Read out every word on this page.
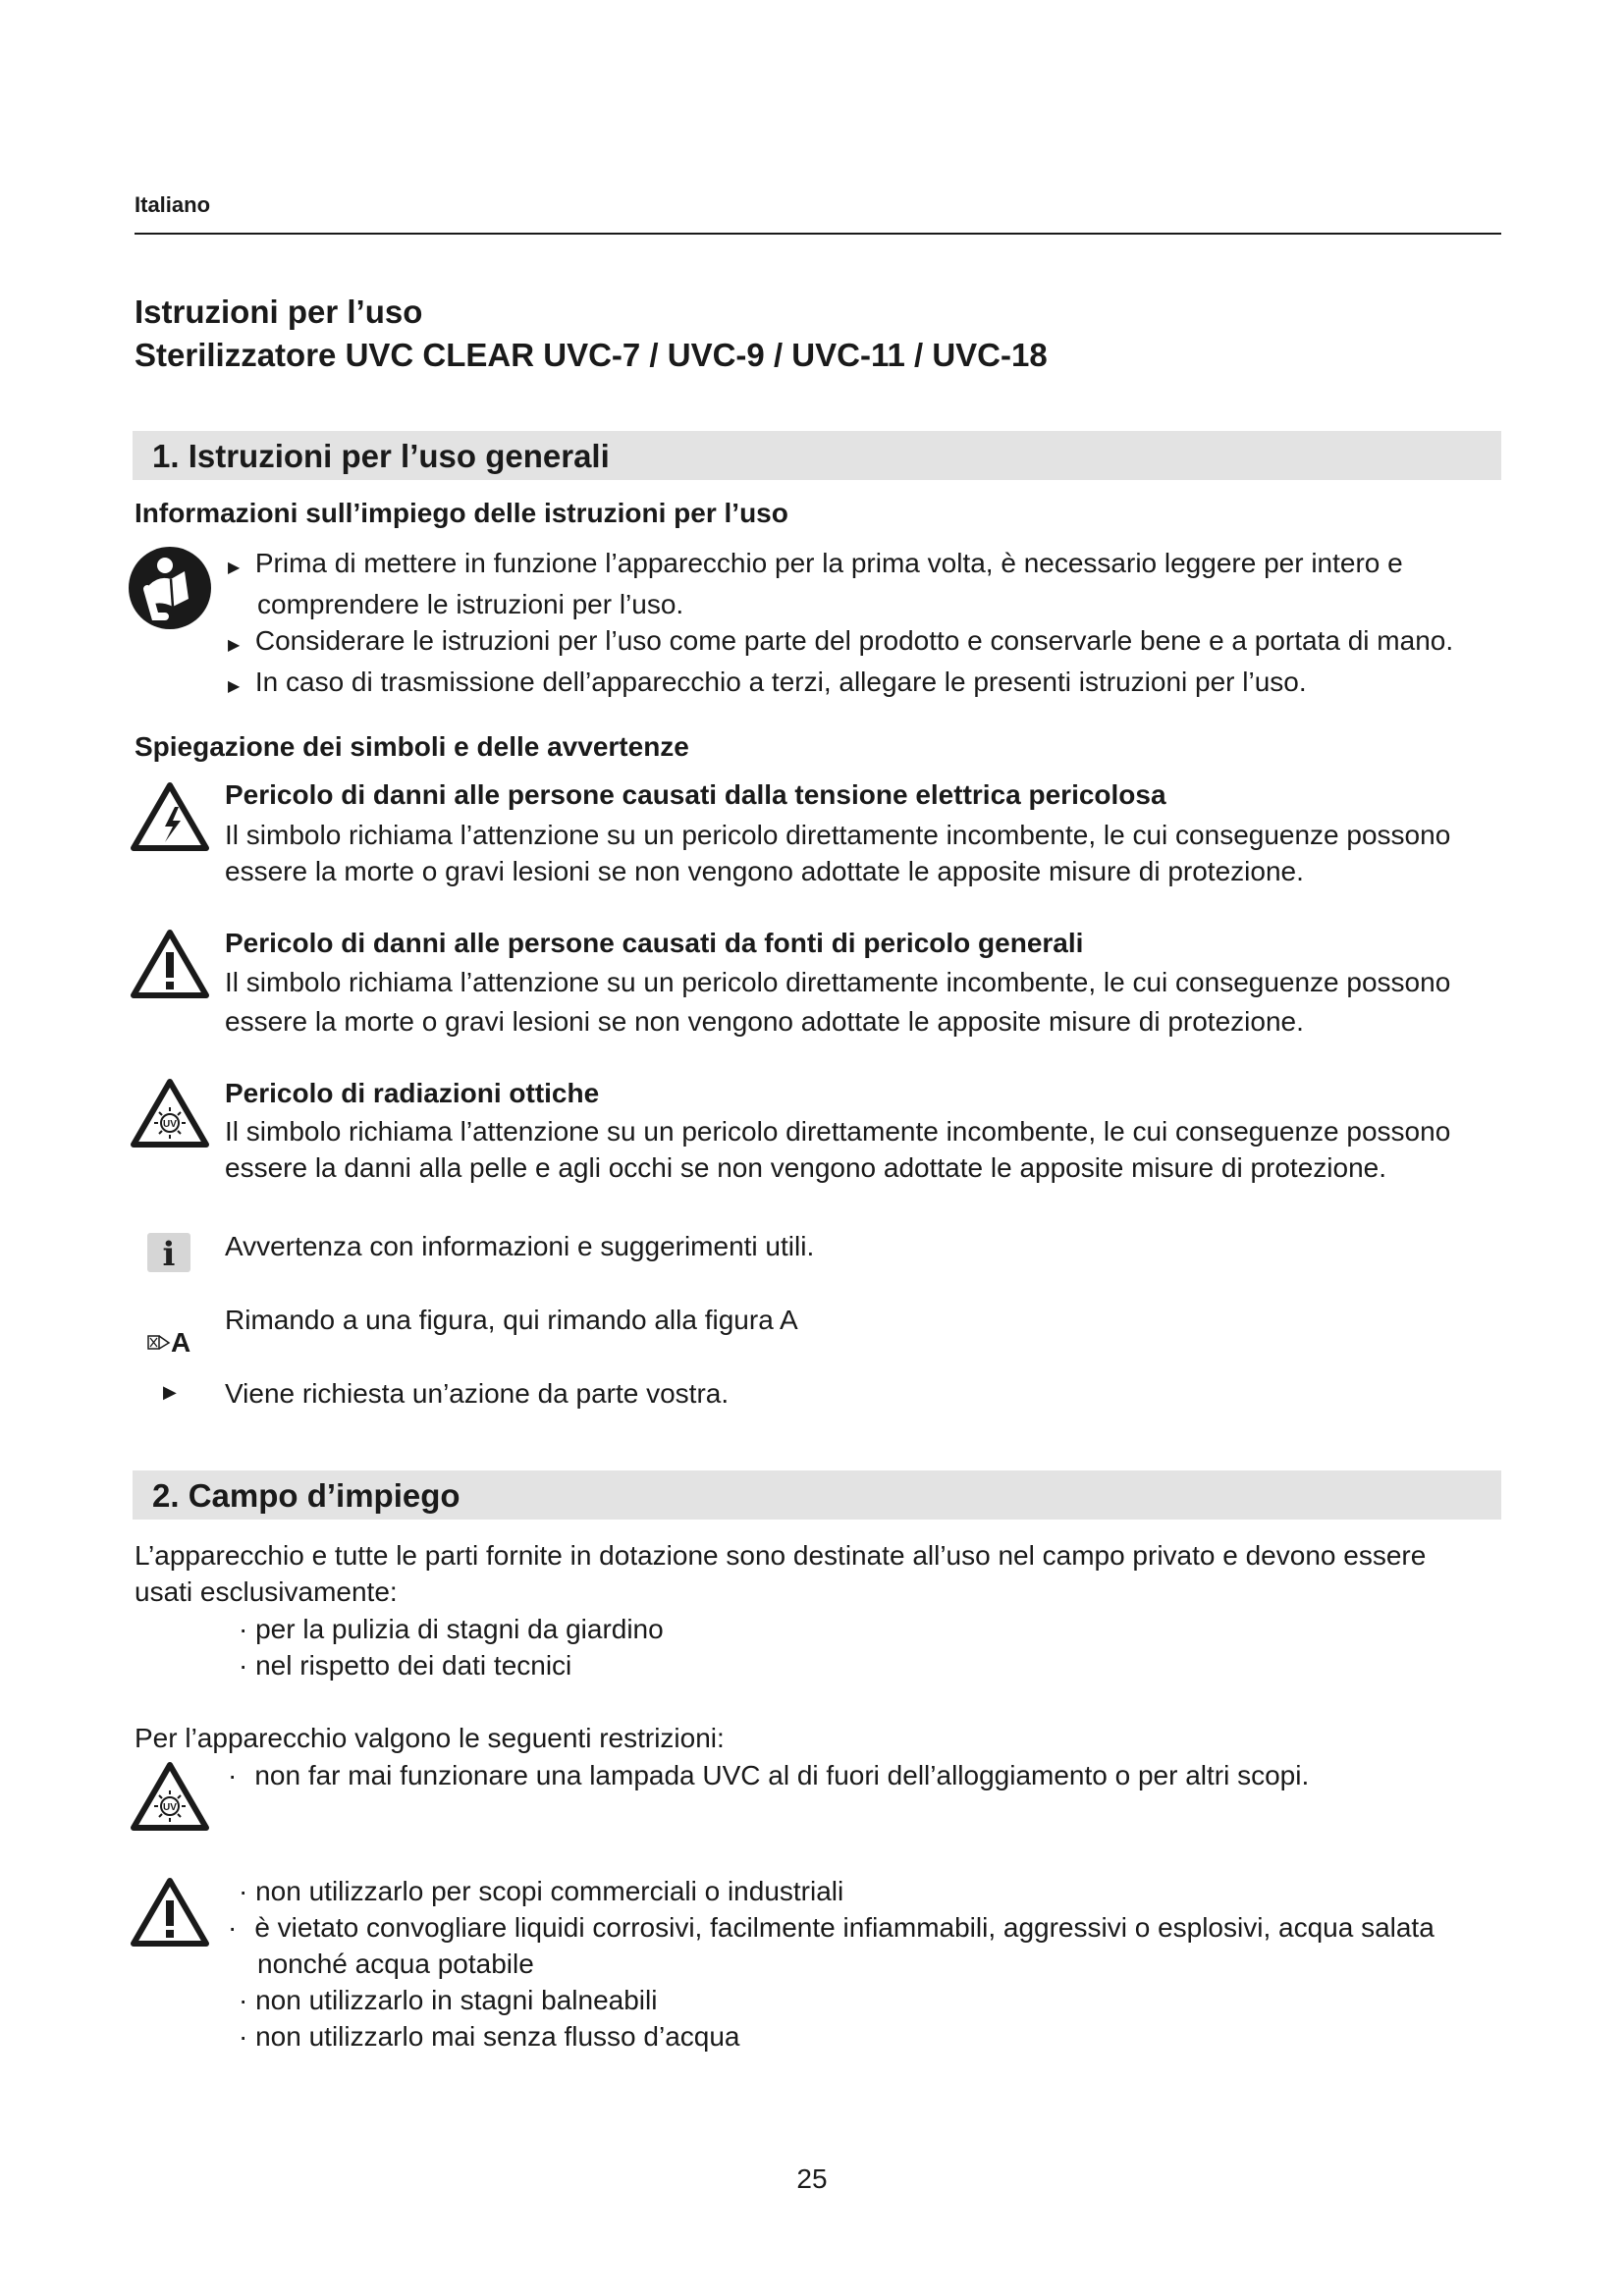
Italiano
Istruzioni per l’uso
Sterilizzatore UVC CLEAR UVC-7 / UVC-9 / UVC-11 / UVC-18
1. Istruzioni per l’uso generali
Informazioni sull’impiego delle istruzioni per l’uso
▶ Prima di mettere in funzione l’apparecchio per la prima volta, è necessario leggere per intero e
comprendere le istruzioni per l’uso.
▶ Considerare le istruzioni per l’uso come parte del prodotto e conservarle bene e a portata di mano.
▶ In caso di trasmissione dell’apparecchio a terzi, allegare le presenti istruzioni per l’uso.
Spiegazione dei simboli e delle avvertenze
Pericolo di danni alle persone causati dalla tensione elettrica pericolosa
Il simbolo richiama l’attenzione su un pericolo direttamente incombente, le cui conseguenze possono
essere la morte o gravi lesioni se non vengono adottate le apposite misure di protezione.
Pericolo di danni alle persone causati da fonti di pericolo generali
Il simbolo richiama l’attenzione su un pericolo direttamente incombente, le cui conseguenze possono
essere la morte o gravi lesioni se non vengono adottate le apposite misure di protezione.
UV
Pericolo di radiazioni ottiche
Il simbolo richiama l’attenzione su un pericolo direttamente incombente, le cui conseguenze possono
essere la danni alla pelle e agli occhi se non vengono adottate le apposite misure di protezione.
i	Avvertenza con informazioni e suggerimenti utili.
A
Rimando a una figura, qui rimando alla figura A
▶ Viene richiesta un’azione da parte vostra.
2. Campo d’impiego
L’apparecchio e tutte le parti fornite in dotazione sono destinate all’uso nel campo privato e devono essere
usati esclusivamente:
· per la pulizia di stagni da giardino
· nel rispetto dei dati tecnici
Per l’apparecchio valgono le seguenti restrizioni:
UV
· non far mai funzionare una lampada UVC al di fuori dell’alloggiamento o per altri scopi.
· non utilizzarlo per scopi commerciali o industriali
· è vietato convogliare liquidi corrosivi, facilmente infiammabili, aggressivi o esplosivi, acqua salata
nonché acqua potabile
· non utilizzarlo in stagni balneabili
· non utilizzarlo mai senza flusso d’acqua
25
